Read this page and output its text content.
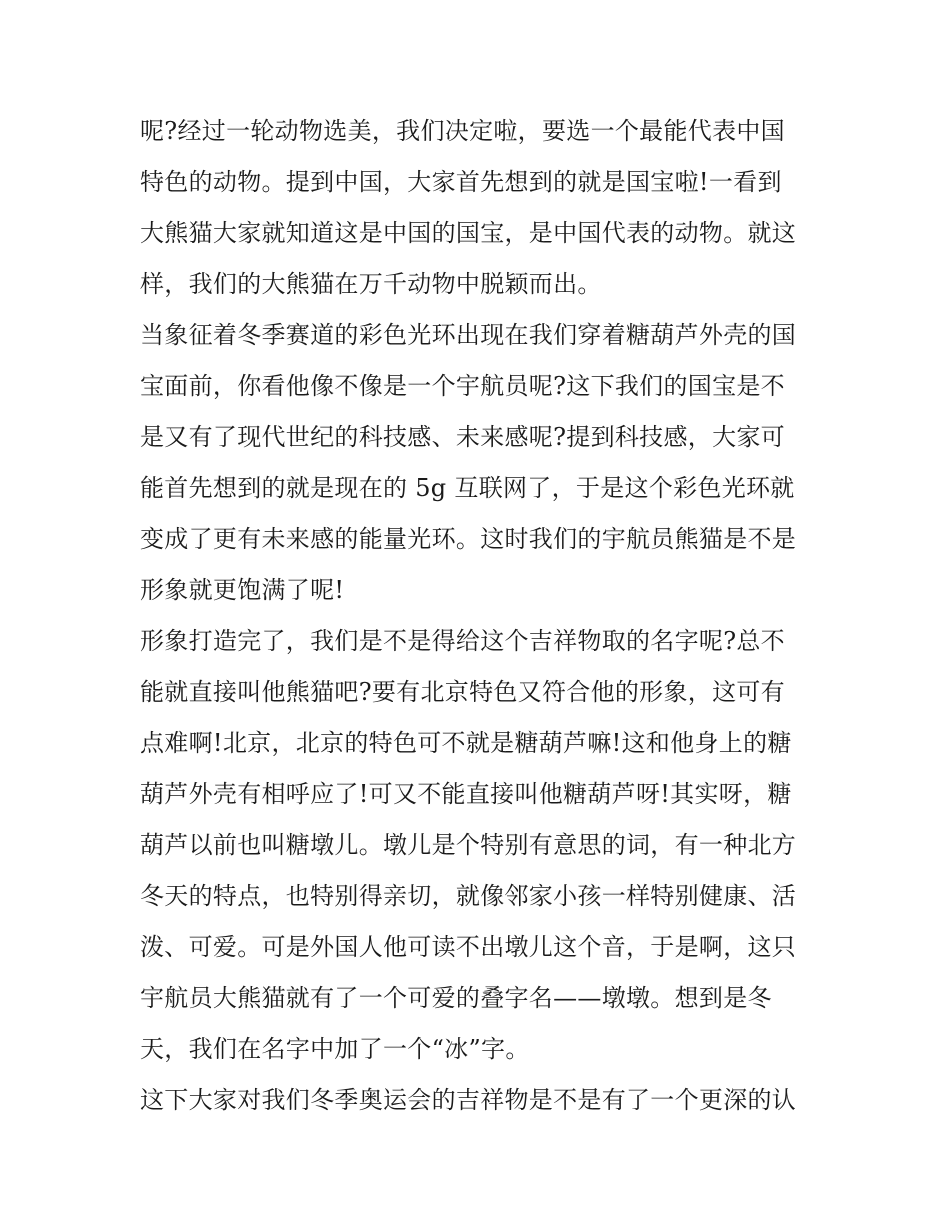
呢?经过一轮动物选美，我们决定啦，要选一个最能代表中国
特色的动物。提到中国，大家首先想到的就是国宝啦!一看到
大熊猫大家就知道这是中国的国宝，是中国代表的动物。就这
样，我们的大熊猫在万千动物中脱颖而出。
当象征着冬季赛道的彩色光环出现在我们穿着糖葫芦外壳的国
宝面前，你看他像不像是一个宇航员呢?这下我们的国宝是不
是又有了现代世纪的科技感、未来感呢?提到科技感，大家可
能首先想到的就是现在的 5g 互联网了，于是这个彩色光环就
变成了更有未来感的能量光环。这时我们的宇航员熊猫是不是
形象就更饱满了呢!
形象打造完了，我们是不是得给这个吉祥物取的名字呢?总不
能就直接叫他熊猫吧?要有北京特色又符合他的形象，这可有
点难啊!北京，北京的特色可不就是糖葫芦嘛!这和他身上的糖
葫芦外壳有相呼应了!可又不能直接叫他糖葫芦呀!其实呀，糖
葫芦以前也叫糖墩儿。墩儿是个特别有意思的词，有一种北方
冬天的特点，也特别得亲切，就像邻家小孩一样特别健康、活
泼、可爱。可是外国人他可读不出墩儿这个音，于是啊，这只
宇航员大熊猫就有了一个可爱的叠字名——墩墩。想到是冬
天，我们在名字中加了一个“冰”字。
这下大家对我们冬季奥运会的吉祥物是不是有了一个更深的认
